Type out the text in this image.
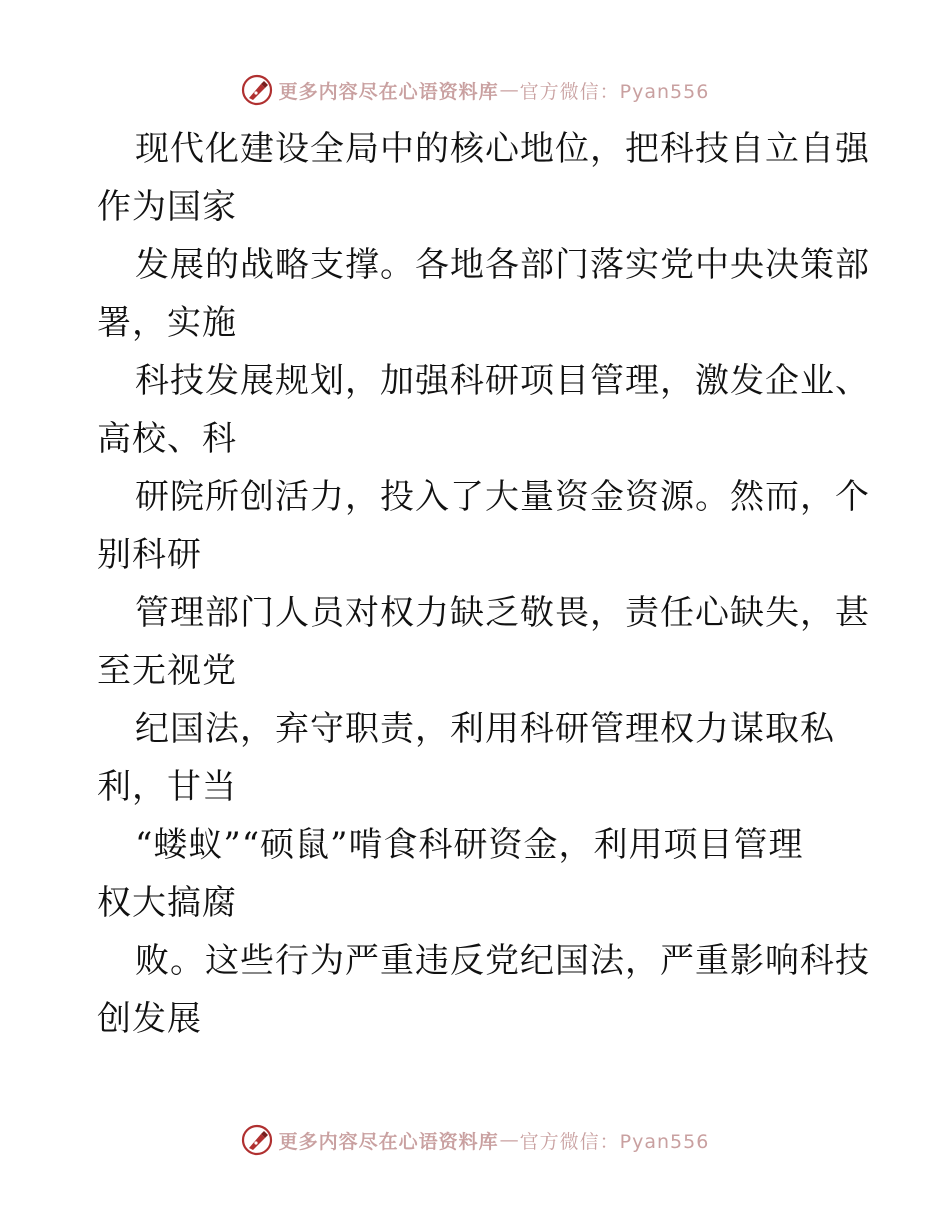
更多内容尽在心语资料库 — 官方微信：Pyan556
现代化建设全局中的核心地位，把科技自立自强
作为国家
发展的战略支撑。各地各部门落实党中央决策部
署，实施
科技发展规划，加强科研项目管理，激发企业、
高校、科
研院所创活力，投入了大量资金资源。然而，个
别科研
管理部门人员对权力缺乏敬畏，责任心缺失，甚
至无视党
纪国法，弃守职责，利用科研管理权力谋取私
利，甘当
“蝼蚁”“硕鼠”啃食科研资金，利用项目管理
权大搞腐
败。这些行为严重违反党纪国法，严重影响科技
创发展
更多内容尽在心语资料库 — 官方微信：Pyan556
